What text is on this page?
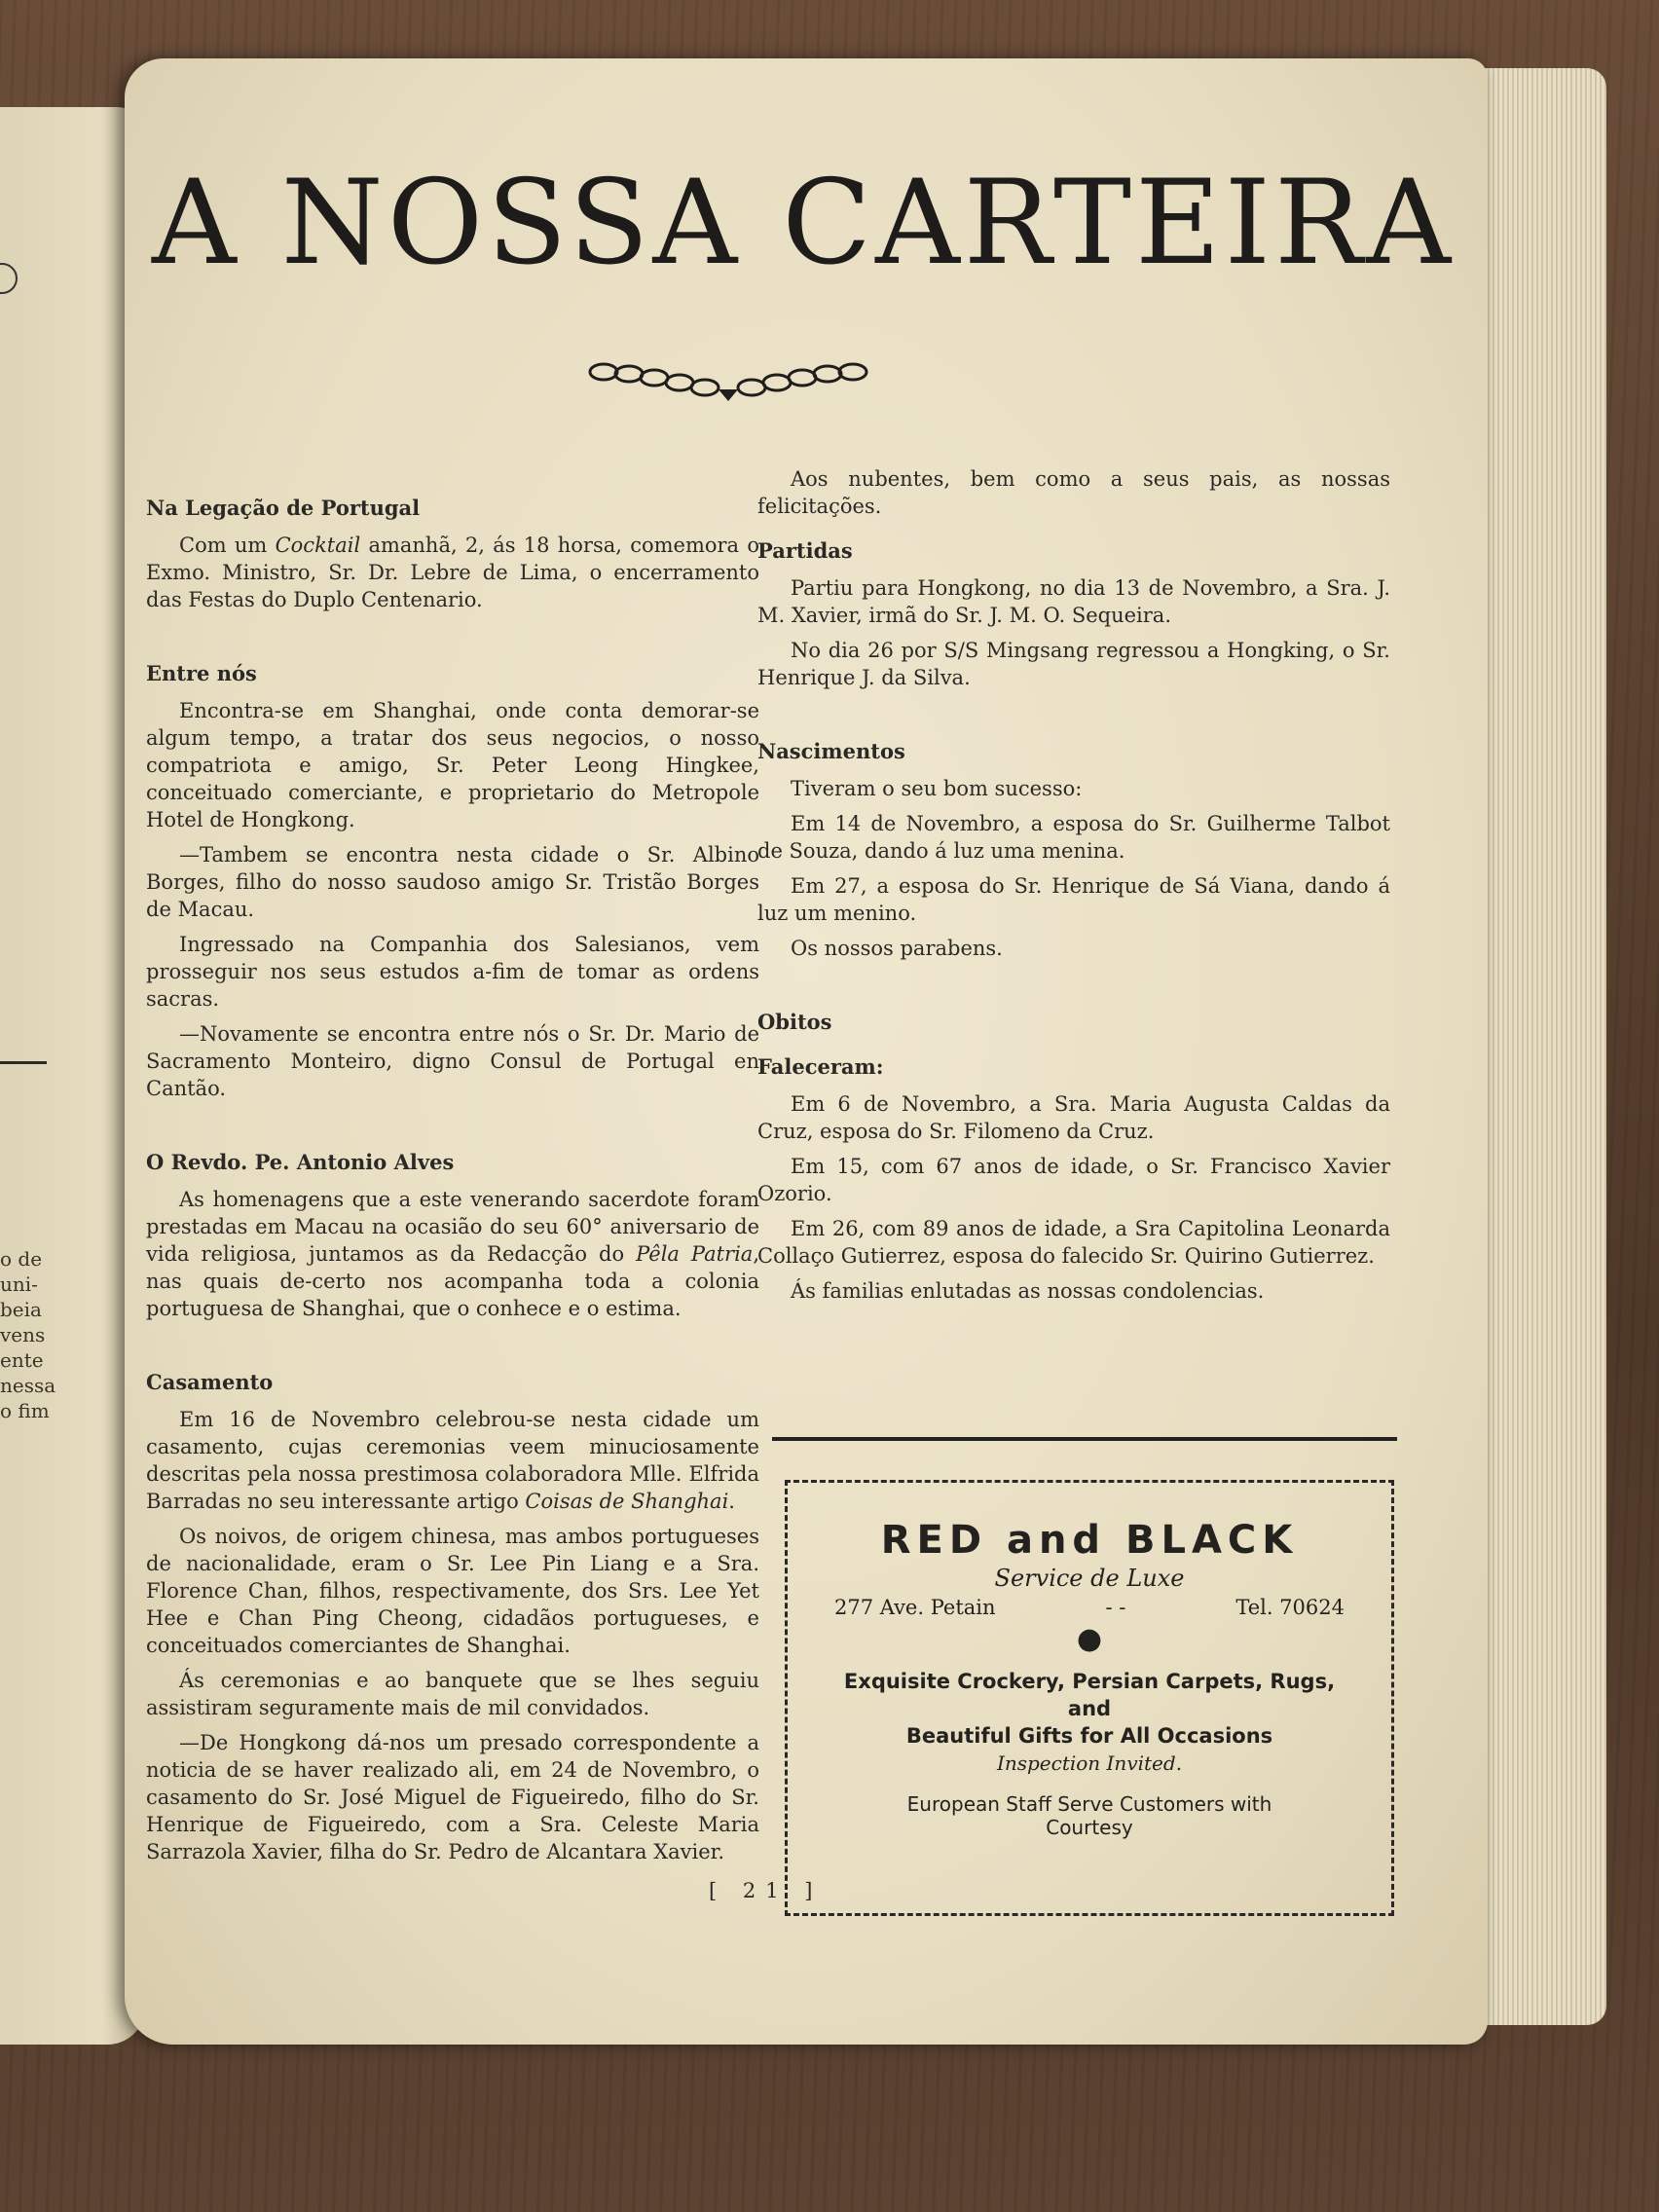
o de
uni-
beia
vens
ente
nessa
o fim
A NOSSA CARTEIRA

Na Legação de Portugal

Com um Cocktail amanhã, 2, ás 18 horsa, comemora o Exmo. Ministro, Sr. Dr. Lebre de Lima, o encerramento das Festas do Duplo Centenario.

Entre nós

Encontra-se em Shanghai, onde conta demorar-se algum tempo, a tratar dos seus negocios, o nosso compatriota e amigo, Sr. Peter Leong Hingkee, conceituado comerciante, e proprietario do Metropole Hotel de Hongkong.

—Tambem se encontra nesta cidade o Sr. Albino Borges, filho do nosso saudoso amigo Sr. Tristão Borges de Macau.

Ingressado na Companhia dos Salesianos, vem prosseguir nos seus estudos a-fim de tomar as ordens sacras.

—Novamente se encontra entre nós o Sr. Dr. Mario de Sacramento Monteiro, digno Consul de Portugal en Cantão.

O Revdo. Pe. Antonio Alves

As homenagens que a este venerando sacerdote foram prestadas em Macau na ocasião do seu 60° aniversario de vida religiosa, juntamos as da Redacção do Pêla Patria, nas quais de-certo nos acompanha toda a colonia portuguesa de Shanghai, que o conhece e o estima.

Casamento

Em 16 de Novembro celebrou-se nesta cidade um casamento, cujas ceremonias veem minuciosamente descritas pela nossa prestimosa colaboradora Mlle. Elfrida Barradas no seu interessante artigo Coisas de Shanghai.

Os noivos, de origem chinesa, mas ambos portugueses de nacionalidade, eram o Sr. Lee Pin Liang e a Sra. Florence Chan, filhos, respectivamente, dos Srs. Lee Yet Hee e Chan Ping Cheong, cidadãos portugueses, e conceituados comerciantes de Shanghai.

Ás ceremonias e ao banquete que se lhes seguiu assistiram seguramente mais de mil convidados.

—De Hongkong dá-nos um presado correspondente a noticia de se haver realizado ali, em 24 de Novembro, o casamento do Sr. José Miguel de Figueiredo, filho do Sr. Henrique de Figueiredo, com a Sra. Celeste Maria Sarrazola Xavier, filha do Sr. Pedro de Alcantara Xavier.

Aos nubentes, bem como a seus pais, as nossas felicitações.

Partidas

Partiu para Hongkong, no dia 13 de Novembro, a Sra. J. M. Xavier, irmã do Sr. J. M. O. Sequeira.

No dia 26 por S/S Mingsang regressou a Hongking, o Sr. Henrique J. da Silva.

Nascimentos

Tiveram o seu bom sucesso:

Em 14 de Novembro, a esposa do Sr. Guilherme Talbot de Souza, dando á luz uma menina.

Em 27, a esposa do Sr. Henrique de Sá Viana, dando á luz um menino.

Os nossos parabens.

Obitos

Faleceram:

Em 6 de Novembro, a Sra. Maria Augusta Caldas da Cruz, esposa do Sr. Filomeno da Cruz.

Em 15, com 67 anos de idade, o Sr. Francisco Xavier Ozorio.

Em 26, com 89 anos de idade, a Sra Capitolina Leonarda Collaço Gutierrez, esposa do falecido Sr. Quirino Gutierrez.

Ás familias enlutadas as nossas condolencias.

RED and BLACK
Service de Luxe
277 Ave. Petain	- -	Tel. 70624
●
Exquisite Crockery, Persian Carpets, Rugs,
and
Beautiful Gifts for All Occasions
Inspection Invited.
European Staff Serve Customers with Courtesy
[ 21 ]
